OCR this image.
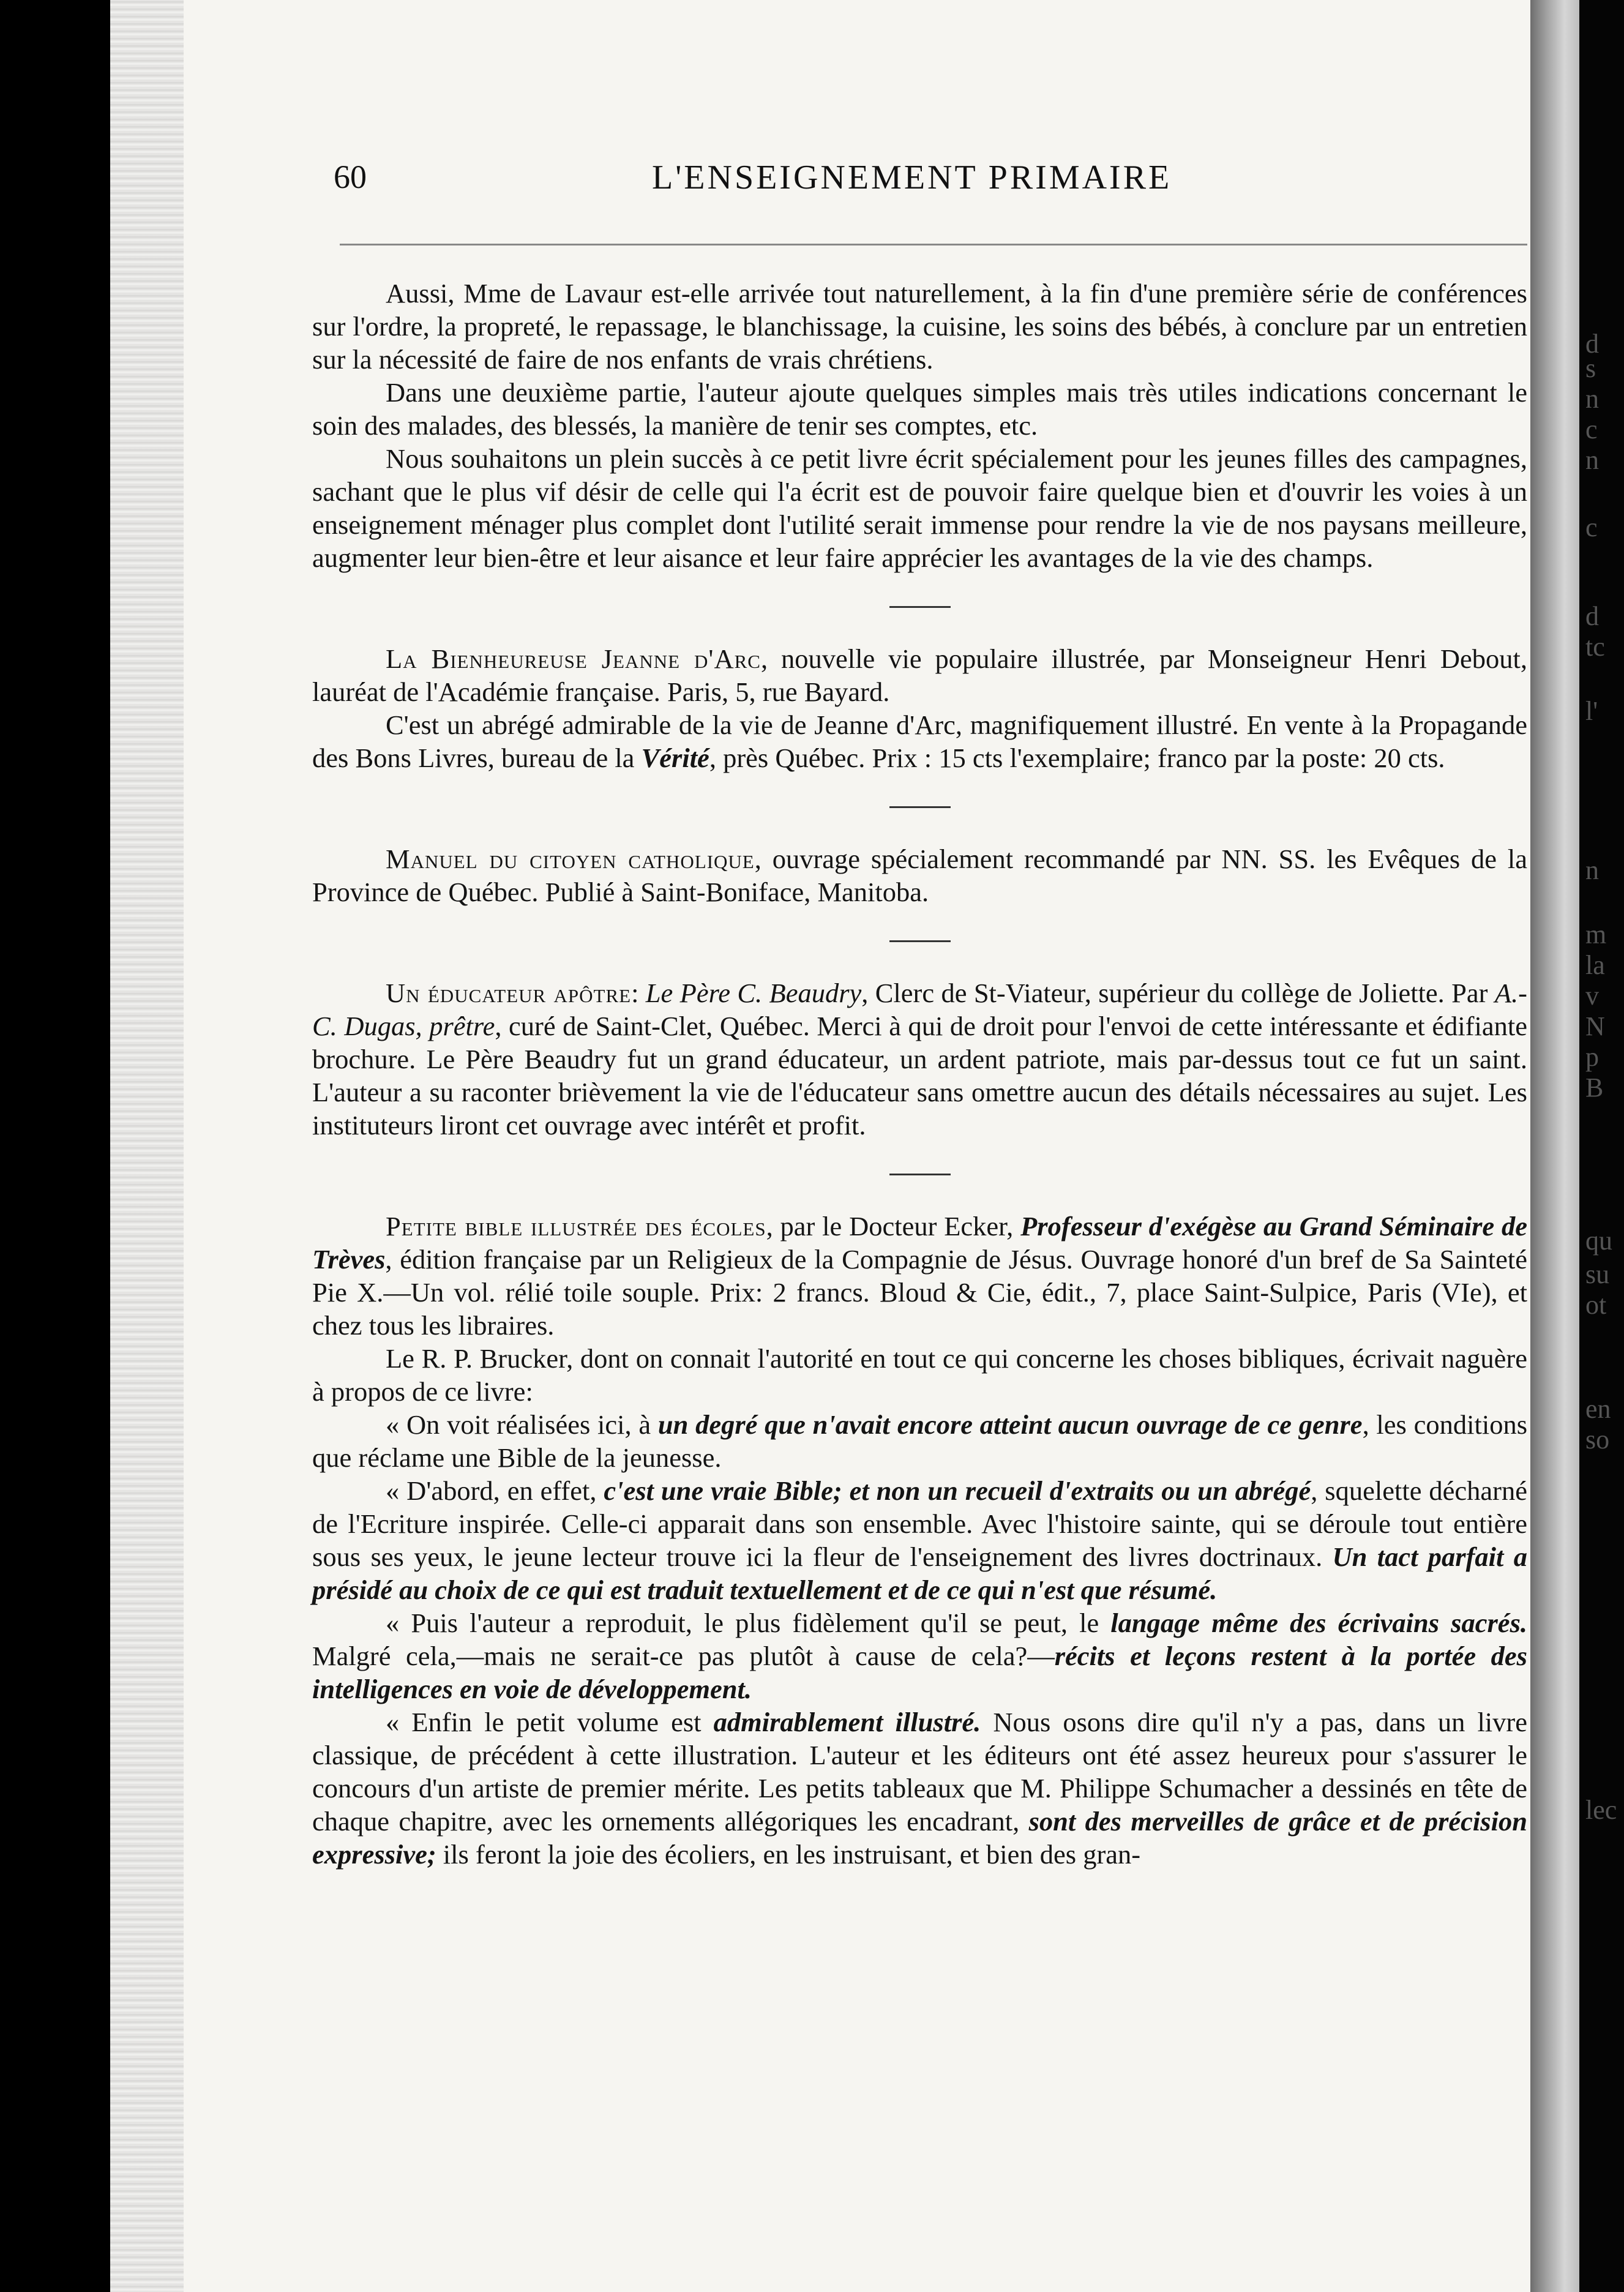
d
s
n
c
n
c
d
tc
l'
n
m
la
v
N
p
B
qu
su
ot
en
so
lec
60	L'ENSEIGNEMENT PRIMAIRE

Aussi, Mme de Lavaur est-elle arrivée tout naturellement, à la fin d'une première série de conférences sur l'ordre, la propreté, le repassage, le blanchissage, la cuisine, les soins des bébés, à conclure par un entretien sur la nécessité de faire de nos enfants de vrais chrétiens.

Dans une deuxième partie, l'auteur ajoute quelques simples mais très utiles indications concernant le soin des malades, des blessés, la manière de tenir ses comptes, etc.

Nous souhaitons un plein succès à ce petit livre écrit spécialement pour les jeunes filles des campagnes, sachant que le plus vif désir de celle qui l'a écrit est de pouvoir faire quelque bien et d'ouvrir les voies à un enseignement ménager plus complet dont l'utilité serait immense pour rendre la vie de nos paysans meilleure, augmenter leur bien-être et leur aisance et leur faire apprécier les avantages de la vie des champs.

La Bienheureuse Jeanne d'Arc, nouvelle vie populaire illustrée, par Monseigneur Henri Debout, lauréat de l'Académie française. Paris, 5, rue Bayard.

C'est un abrégé admirable de la vie de Jeanne d'Arc, magnifiquement illustré. En vente à la Propagande des Bons Livres, bureau de la Vérité, près Québec. Prix : 15 cts l'exemplaire; franco par la poste: 20 cts.

Manuel du citoyen catholique, ouvrage spécialement recommandé par NN. SS. les Evêques de la Province de Québec. Publié à Saint-Boniface, Manitoba.

Un éducateur apôtre: Le Père C. Beaudry, Clerc de St-Viateur, supérieur du collège de Joliette. Par A.-C. Dugas, prêtre, curé de Saint-Clet, Québec. Merci à qui de droit pour l'envoi de cette intéressante et édifiante brochure. Le Père Beaudry fut un grand éducateur, un ardent patriote, mais par-dessus tout ce fut un saint. L'auteur a su raconter brièvement la vie de l'éducateur sans omettre aucun des détails nécessaires au sujet. Les instituteurs liront cet ouvrage avec intérêt et profit.

Petite bible illustrée des écoles, par le Docteur Ecker, Professeur d'exégèse au Grand Séminaire de Trèves, édition française par un Religieux de la Compagnie de Jésus. Ouvrage honoré d'un bref de Sa Sainteté Pie X.—Un vol. rélié toile souple. Prix: 2 francs. Bloud & Cie, édit., 7, place Saint-Sulpice, Paris (VIe), et chez tous les libraires.

Le R. P. Brucker, dont on connait l'autorité en tout ce qui concerne les choses bibliques, écrivait naguère à propos de ce livre:

« On voit réalisées ici, à un degré que n'avait encore atteint aucun ouvrage de ce genre, les conditions que réclame une Bible de la jeunesse.

« D'abord, en effet, c'est une vraie Bible; et non un recueil d'extraits ou un abrégé, squelette décharné de l'Ecriture inspirée. Celle-ci apparait dans son ensemble. Avec l'histoire sainte, qui se déroule tout entière sous ses yeux, le jeune lecteur trouve ici la fleur de l'enseignement des livres doctrinaux. Un tact parfait a présidé au choix de ce qui est traduit textuellement et de ce qui n'est que résumé.

« Puis l'auteur a reproduit, le plus fidèlement qu'il se peut, le langage même des écrivains sacrés. Malgré cela,—mais ne serait-ce pas plutôt à cause de cela?—récits et leçons restent à la portée des intelligences en voie de développement.

« Enfin le petit volume est admirablement illustré. Nous osons dire qu'il n'y a pas, dans un livre classique, de précédent à cette illustration. L'auteur et les éditeurs ont été assez heureux pour s'assurer le concours d'un artiste de premier mérite. Les petits tableaux que M. Philippe Schumacher a dessinés en tête de chaque chapitre, avec les ornements allégoriques les encadrant, sont des merveilles de grâce et de précision expressive; ils feront la joie des écoliers, en les instruisant, et bien des gran-
